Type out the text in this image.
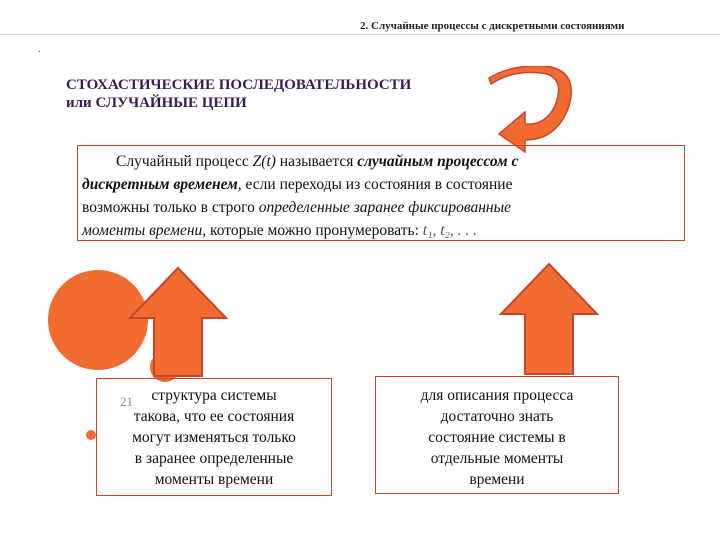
2. Случайные процессы с дискретными состояниями
.
СТОХАСТИЧЕСКИЕ ПОСЛЕДОВАТЕЛЬНОСТИ
или СЛУЧАЙНЫЕ ЦЕПИ
Случайный процесс Z(t) называется случайным процессом с
дискретным временем, если переходы из состояния в состояние
возможны только в строго определенные заранее фиксированные
моменты времени, которые можно пронумеровать: t₁, t₂, . . .
структура системы
такова, что ее состояния
могут изменяться только
в заранее определенные
моменты времени
21	для описания процесса
достаточно знать
состояние системы в
отдельные моменты
времени
